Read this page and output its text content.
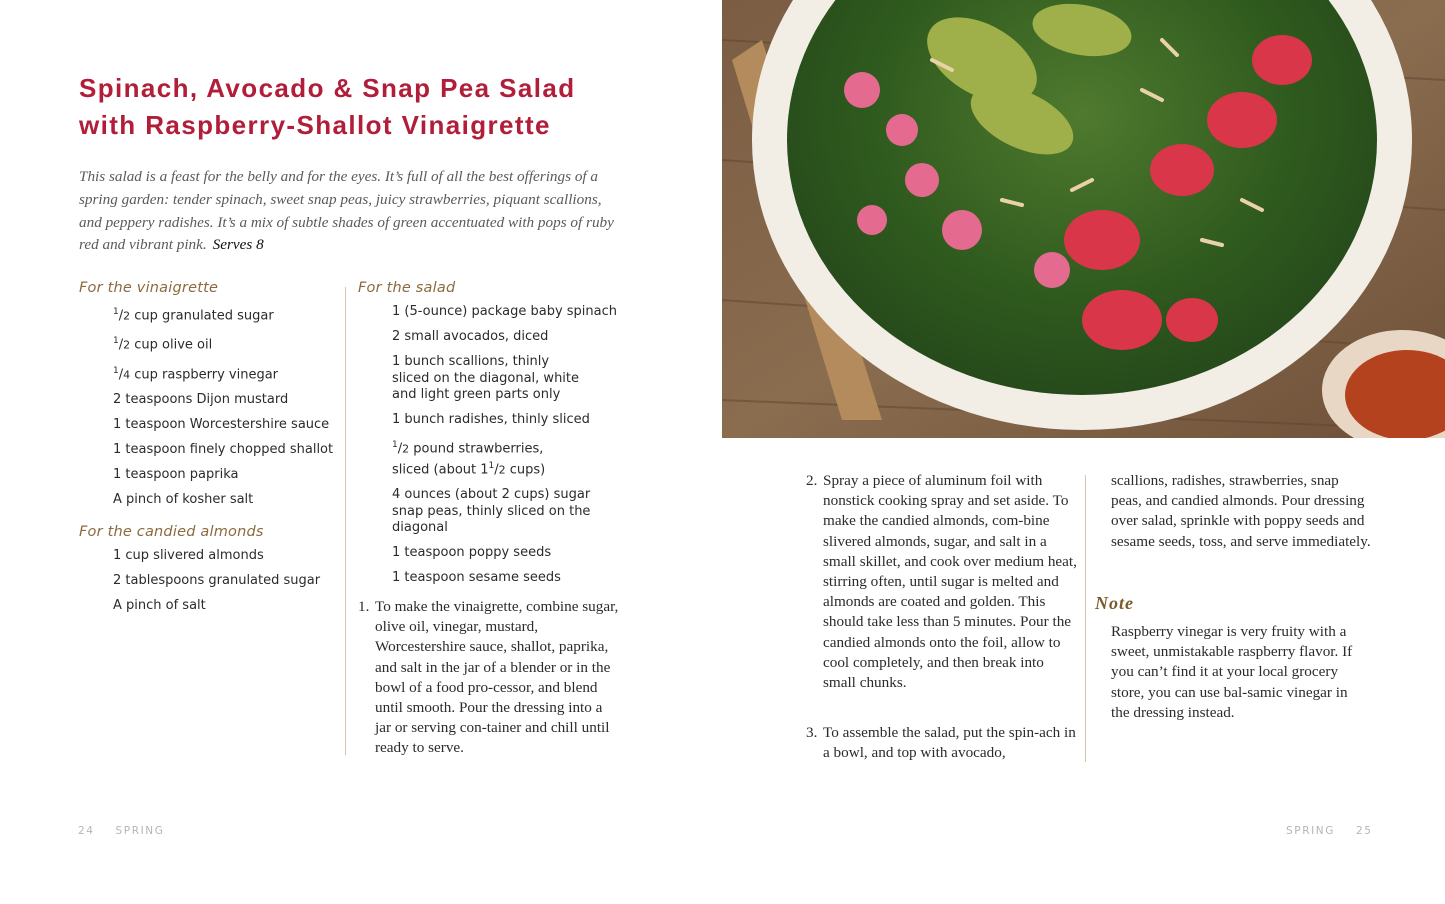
Spinach, Avocado & Snap Pea Salad
with Raspberry-Shallot Vinaigrette

This salad is a feast for the belly and for the eyes. It’s full of all the best offerings of a spring garden: tender spinach, sweet snap peas, juicy strawberries, piquant scallions, and peppery radishes. It’s a mix of subtle shades of green accentuated with pops of ruby red and vibrant pink. Serves 8

For the vinaigrette
$^1$/2 cup granulated sugar
$^1$/2 cup olive oil
$^1$/4 cup raspberry vinegar
2 teaspoons Dijon mustard
1 teaspoon Worcestershire sauce
1 teaspoon finely chopped shallot
1 teaspoon paprika
A pinch of kosher salt
For the candied almonds
1 cup slivered almonds
2 tablespoons granulated sugar
A pinch of salt
For the salad
1 (5-ounce) package baby spinach
2 small avocados, diced
1 bunch scallions, thinly sliced on the diagonal, white and light green parts only
1 bunch radishes, thinly sliced
$^1$/2 pound strawberries,
sliced (about $1^1/2$ cups)
4 ounces (about 2 cups) sugar snap peas, thinly sliced on the diagonal
1 teaspoon poppy seeds
1 teaspoon sesame seeds
1. To make the vinaigrette, combine sugar, olive oil, vinegar, mustard, Worcestershire sauce, shallot, paprika, and salt in the jar of a blender or in the bowl of a food pro-cessor, and blend until smooth. Pour the dressing into a jar or serving con-tainer and chill until ready to serve.

2. Spray a piece of aluminum foil with nonstick cooking spray and set aside. To make the candied almonds, com-bine slivered almonds, sugar, and salt in a small skillet, and cook over medium heat, stirring often, until sugar is melted and almonds are coated and golden. This should take less than 5 minutes. Pour the candied almonds onto the foil, allow to cool completely, and then break into small chunks.

3. To assemble the salad, put the spin-ach in a bowl, and top with avocado,

scallions, radishes, strawberries, snap peas, and candied almonds. Pour dressing over salad, sprinkle with poppy seeds and sesame seeds, toss, and serve immediately.

Note

Raspberry vinegar is very fruity with a sweet, unmistakable raspberry flavor. If you can’t find it at your local grocery store, you can use bal-samic vinegar in the dressing instead.

24 SPRING	SPRING 25
